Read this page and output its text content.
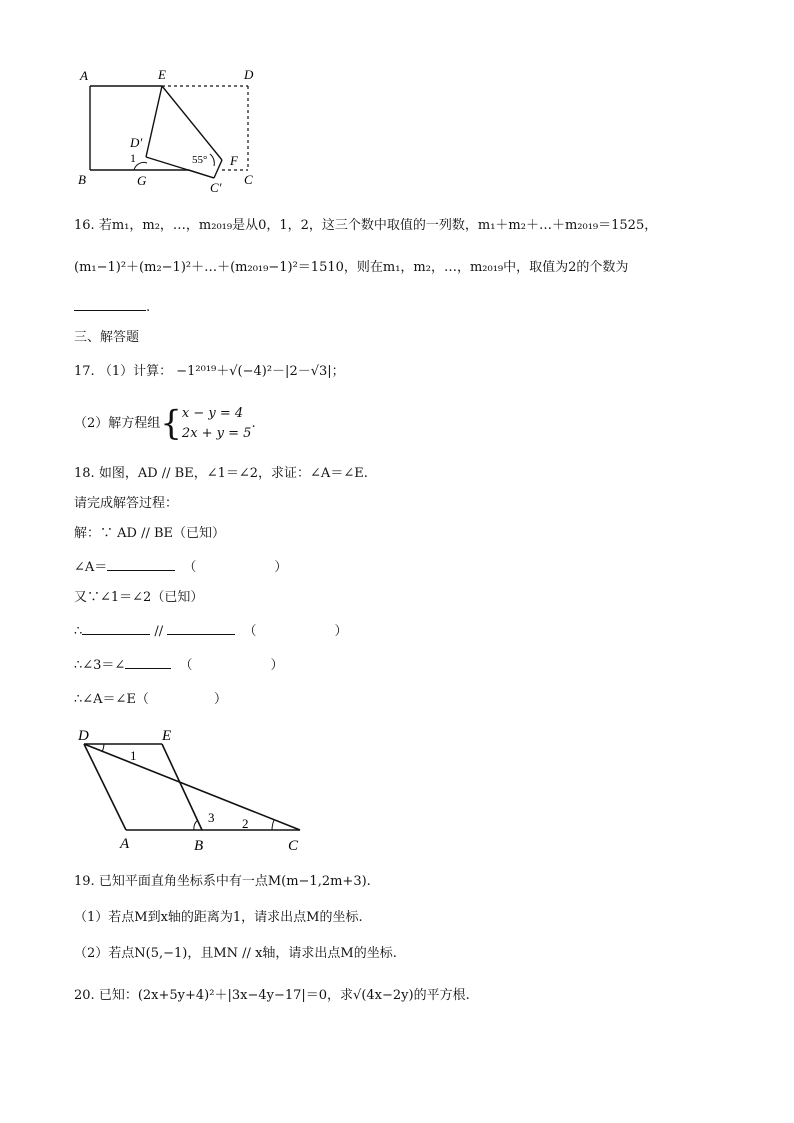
A	E	D
D′
1	55° F
B	G	C′
C
16. 若m₁，m₂，…，m₂₀₁₉是从0，1，2，这三个数中取值的一列数，m₁＋m₂＋…＋m₂₀₁₉＝1525，
(m₁−1)²＋(m₂−1)²＋…＋(m₂₀₁₉−1)²＝1510，则在m₁，m₂，…，m₂₀₁₉中，取值为2的个数为
.
三、解答题
17. （1）计算： −1²⁰¹⁹＋√(−4)²－|2－√3|；
（2）解方程组{ x − y = 4
2x + y = 5
.
18. 如图，AD // BE，∠1＝∠2，求证：∠A＝∠E.
请完成解答过程：
解：∵ AD // BE（已知）
∠A＝	（      ）
又∵∠1＝∠2（已知）
∴	//	（      ）
∴∠3＝∠	（      ）
∴∠A＝∠E（     ）
D	E
1
3 2
A	B	C
19. 已知平面直角坐标系中有一点M(m−1,2m+3).
（1）若点M到x轴的距离为1，请求出点M的坐标.
（2）若点N(5,−1)，且MN // x轴，请求出点M的坐标.
20. 已知：(2x+5y+4)²＋|3x−4y−17|＝0，求√(4x−2y)的平方根.
